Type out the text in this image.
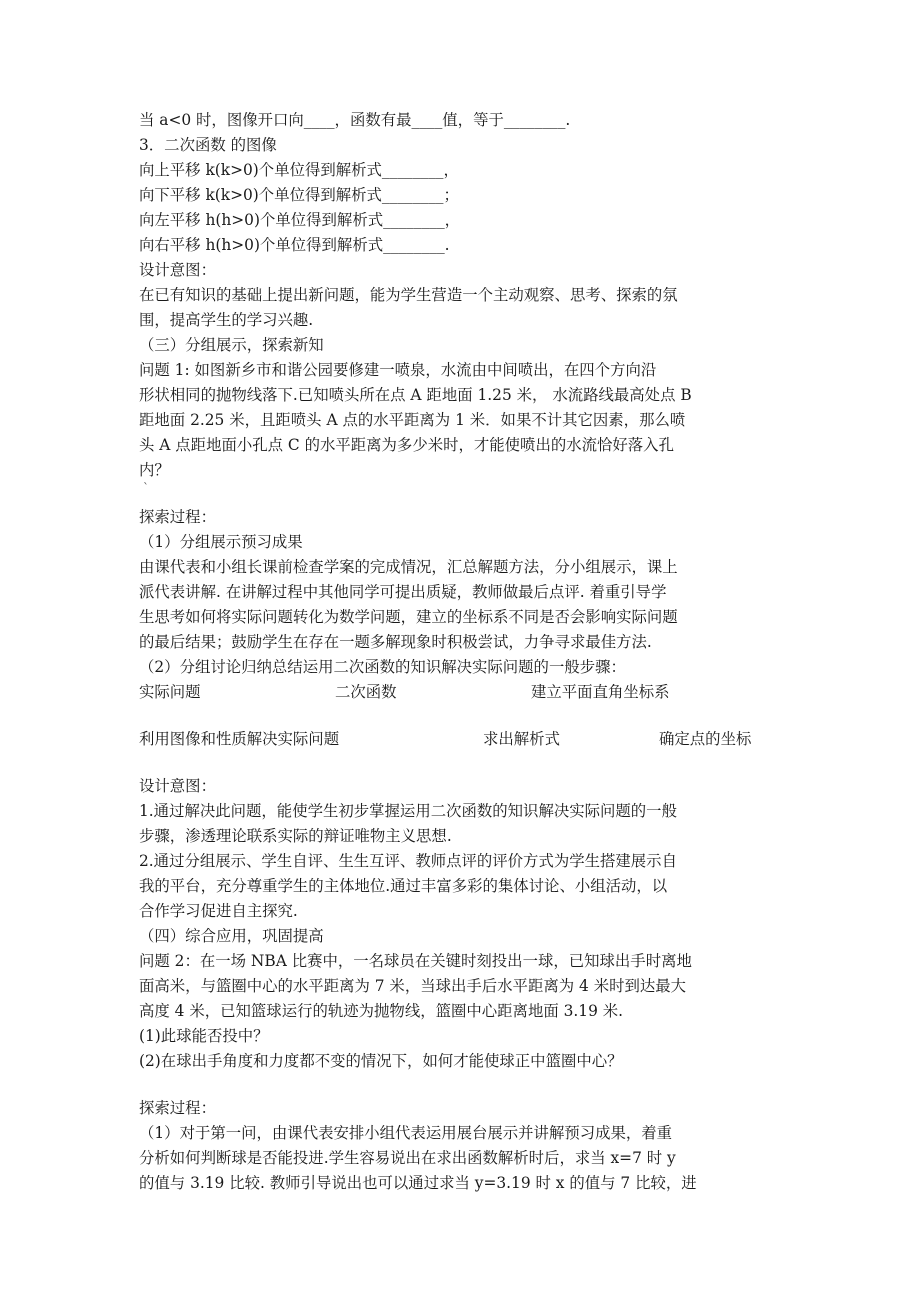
当 a<0 时，图像开口向____，函数有最____值，等于________.
3．二次函数 的图像
向上平移 k(k>0)个单位得到解析式________，
向下平移 k(k>0)个单位得到解析式________；
向左平移 h(h>0)个单位得到解析式________，
向右平移 h(h>0)个单位得到解析式________.
设计意图：
在已有知识的基础上提出新问题，能为学生营造一个主动观察、思考、探索的氛
围，提高学生的学习兴趣.
（三）分组展示，探索新知
问题 1: 如图新乡市和谐公园要修建一喷泉，水流由中间喷出，在四个方向沿
形状相同的抛物线落下.已知喷头所在点 A 距地面 1.25 米， 水流路线最高处点 B
距地面 2.25 米，且距喷头 A 点的水平距离为 1 米．如果不计其它因素，那么喷
头 A 点距地面小孔点 C 的水平距离为多少米时，才能使喷出的水流恰好落入孔
内？
`
探索过程：
（1）分组展示预习成果
由课代表和小组长课前检查学案的完成情况，汇总解题方法，分小组展示，课上
派代表讲解. 在讲解过程中其他同学可提出质疑，教师做最后点评. 着重引导学
生思考如何将实际问题转化为数学问题，建立的坐标系不同是否会影响实际问题
的最后结果；鼓励学生在存在一题多解现象时积极尝试，力争寻求最佳方法.
（2）分组讨论归纳总结运用二次函数的知识解决实际问题的一般步骤：
实际问题	二次函数	建立平面直角坐标系
利用图像和性质解决实际问题	求出解析式	确定点的坐标
设计意图：
1.通过解决此问题，能使学生初步掌握运用二次函数的知识解决实际问题的一般
步骤，渗透理论联系实际的辩证唯物主义思想.
2.通过分组展示、学生自评、生生互评、教师点评的评价方式为学生搭建展示自
我的平台，充分尊重学生的主体地位.通过丰富多彩的集体讨论、小组活动，以
合作学习促进自主探究.
（四）综合应用，巩固提高
问题 2：在一场 NBA 比赛中，一名球员在关键时刻投出一球，已知球出手时离地
面高米，与篮圈中心的水平距离为 7 米，当球出手后水平距离为 4 米时到达最大
高度 4 米，已知篮球运行的轨迹为抛物线，篮圈中心距离地面 3.19 米.
(1)此球能否投中？
(2)在球出手角度和力度都不变的情况下，如何才能使球正中篮圈中心？
探索过程：
（1）对于第一问，由课代表安排小组代表运用展台展示并讲解预习成果，着重
分析如何判断球是否能投进.学生容易说出在求出函数解析时后，求当 x=7 时 y
的值与 3.19 比较. 教师引导说出也可以通过求当 y=3.19 时 x 的值与 7 比较，进
